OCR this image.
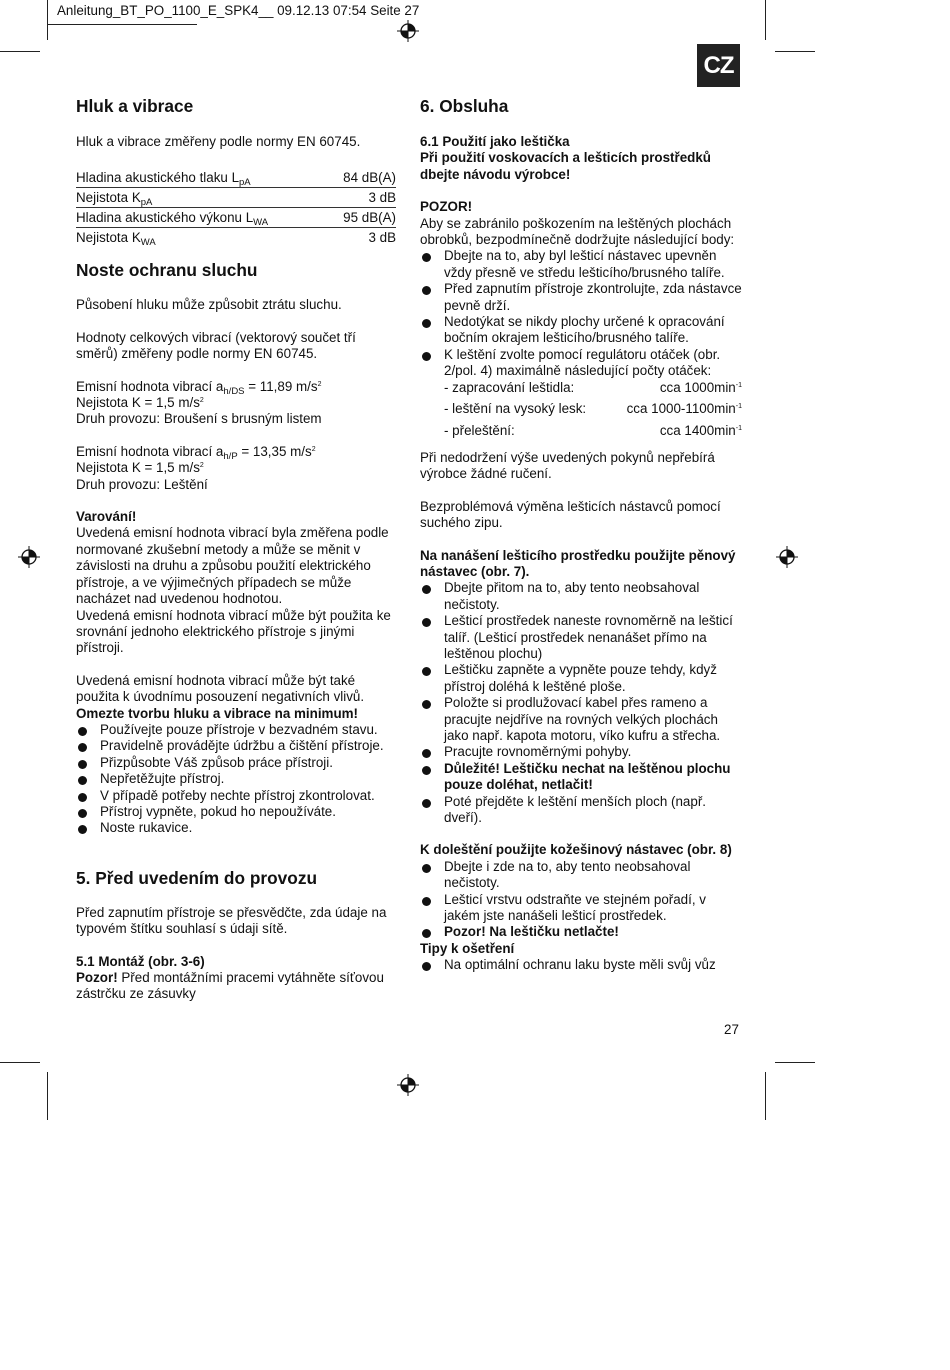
Anleitung_BT_PO_1100_E_SPK4__ 09.12.13 07:54 Seite 27
CZ
Hluk a vibrace

Hluk a vibrace změřeny podle normy EN 60745.

Hladina akustického tlaku $L_{pA}$	84 dB(A)
Nejistota $K_{pA}$	3 dB
Hladina akustického výkonu $L_{WA}$	95 dB(A)
Nejistota $K_{WA}$	3 dB
Noste ochranu sluchu

Působení hluku může způsobit ztrátu sluchu.

Hodnoty celkových vibrací (vektorový součet tří směrů) změřeny podle normy EN 60745.

Emisní hodnota vibrací $a_{h/DS} = 11,89$ $m/s^2$

Nejistota K = 1,5 $m/s^2$

Druh provozu: Broušení s brusným listem

Emisní hodnota vibrací $a_{h/P} = 13,35$ $m/s^2$

Nejistota K = 1,5 $m/s^2$

Druh provozu: Leštění

Varování!

Uvedená emisní hodnota vibrací byla změřena podle normované zkušební metody a může se měnit v závislosti na druhu a způsobu použití elektrického přístroje, a ve výjimečných případech se může nacházet nad uvedenou hodnotou.

Uvedená emisní hodnota vibrací může být použita ke srovnání jednoho elektrického přístroje s jinými přístroji.

Uvedená emisní hodnota vibrací může být také použita k úvodnímu posouzení negativních vlivů.

Omezte tvorbu hluku a vibrace na minimum!

Používejte pouze přístroje v bezvadném stavu.
Pravidelně provádějte údržbu a čištění přístroje.
Přizpůsobte Váš způsob práce přístroji.
Nepřetěžujte přístroj.
V případě potřeby nechte přístroj zkontrolovat.
Přístroj vypněte, pokud ho nepoužíváte.
Noste rukavice.
5. Před uvedením do provozu

Před zapnutím přístroje se přesvědčte, zda údaje na typovém štítku souhlasí s údaji sítě.

5.1 Montáž (obr. 3-6)

Pozor! Před montážními pracemi vytáhněte síťovou zástrčku ze zásuvky

6. Obsluha

6.1 Použití jako leštička

Při použití voskovacích a lešticích prostředků dbejte návodu výrobce!

POZOR!

Aby se zabránilo poškozením na leštěných plochách obrobků, bezpodmínečně dodržujte následující body:

Dbejte na to, aby byl lešticí nástavec upevněn vždy přesně ve středu lešticího/brusného talíře.
Před zapnutím přístroje zkontrolujte, zda nástavce pevně drží.
Nedotýkat se nikdy plochy určené k opracování bočním okrajem lešticího/brusného talíře.
K leštění zvolte pomocí regulátoru otáček (obr. 2/pol. 4) maximálně následující počty otáček:
- zapracování leštidla:	cca $1000\min^{-1}$
- leštění na vysoký lesk:	cca $1000-1100\min^{-1}$
- přeleštění:	cca $1400\min^{-1}$

Při nedodržení výše uvedených pokynů nepřebírá výrobce žádné ručení.

Bezproblémová výměna lešticích nástavců pomocí suchého zipu.

Na nanášení lešticího prostředku použijte pěnový nástavec (obr. 7).

Dbejte přitom na to, aby tento neobsahoval nečistoty.
Lešticí prostředek naneste rovnoměrně na lešticí talíř. (Lešticí prostředek nenanášet přímo na leštěnou plochu)
Leštičku zapněte a vypněte pouze tehdy, když přístroj doléhá k leštěné ploše.
Položte si prodlužovací kabel přes rameno a pracujte nejdříve na rovných velkých plochách jako např. kapota motoru, víko kufru a střecha.
Pracujte rovnoměrnými pohyby.
Důležité! Leštičku nechat na leštěnou plochu pouze doléhat, netlačit!
Poté přejděte k leštění menších ploch (např. dveří).

K doleštění použijte kožešinový nástavec (obr. 8)

Dbejte i zde na to, aby tento neobsahoval nečistoty.
Lešticí vrstvu odstraňte ve stejném pořadí, v jakém jste nanášeli lešticí prostředek.
Pozor! Na leštičku netlačte!

Tipy k ošetření

Na optimální ochranu laku byste měli svůj vůz
27
